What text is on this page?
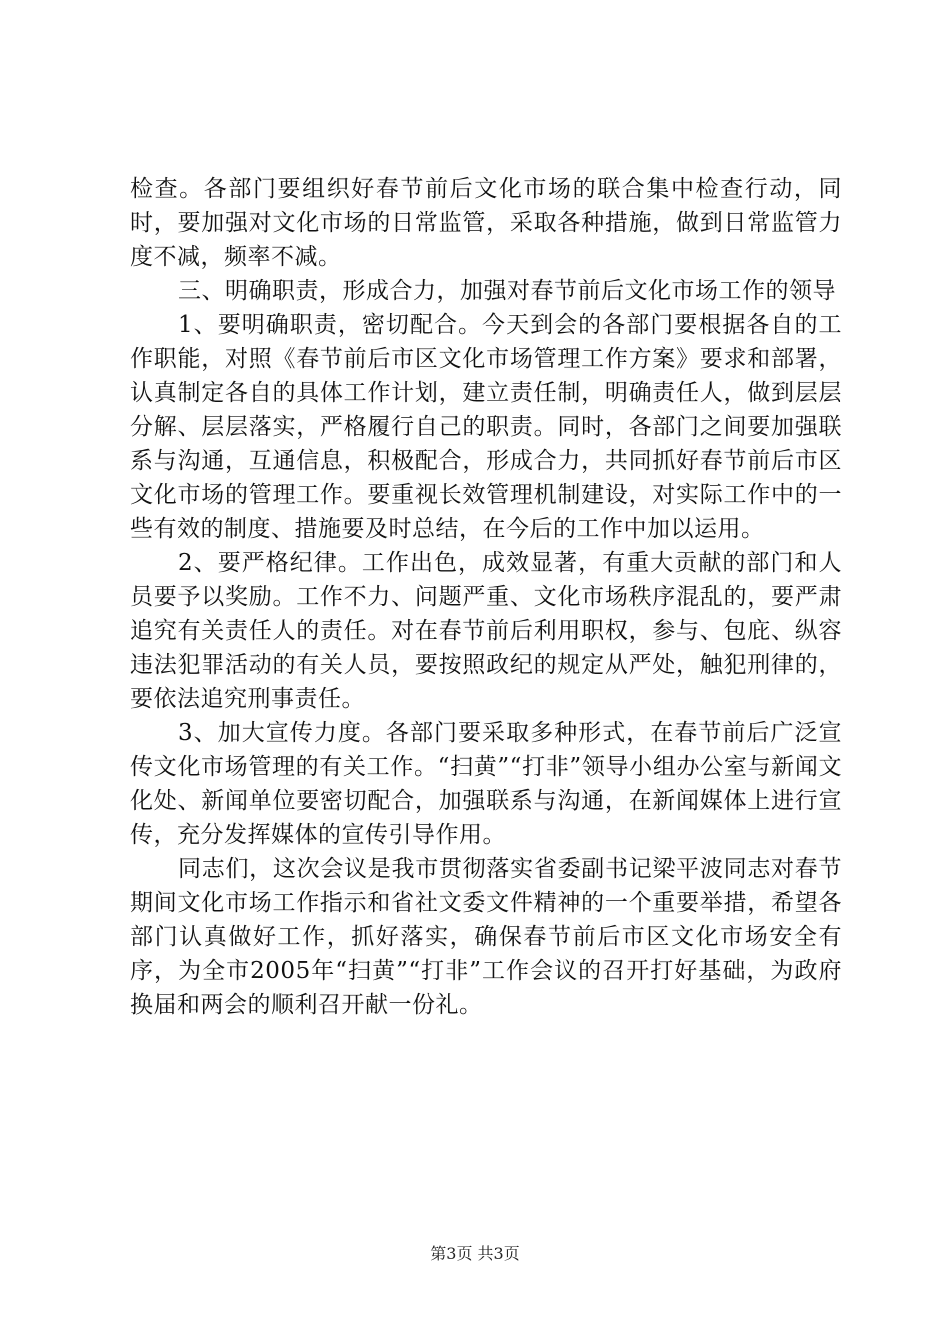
检查。各部门要组织好春节前后文化市场的联合集中检查行动，同时，要加强对文化市场的日常监管，采取各种措施，做到日常监管力度不减，频率不减。

三、明确职责，形成合力，加强对春节前后文化市场工作的领导

1、要明确职责，密切配合。今天到会的各部门要根据各自的工作职能，对照《春节前后市区文化市场管理工作方案》要求和部署，认真制定各自的具体工作计划，建立责任制，明确责任人，做到层层分解、层层落实，严格履行自己的职责。同时，各部门之间要加强联系与沟通，互通信息，积极配合，形成合力，共同抓好春节前后市区文化市场的管理工作。要重视长效管理机制建设，对实际工作中的一些有效的制度、措施要及时总结，在今后的工作中加以运用。

2、要严格纪律。工作出色，成效显著，有重大贡献的部门和人员要予以奖励。工作不力、问题严重、文化市场秩序混乱的，要严肃追究有关责任人的责任。对在春节前后利用职权，参与、包庇、纵容违法犯罪活动的有关人员，要按照政纪的规定从严处，触犯刑律的，要依法追究刑事责任。

3、加大宣传力度。各部门要采取多种形式，在春节前后广泛宣传文化市场管理的有关工作。“扫黄”“打非”领导小组办公室与新闻文化处、新闻单位要密切配合，加强联系与沟通，在新闻媒体上进行宣传，充分发挥媒体的宣传引导作用。

同志们，这次会议是我市贯彻落实省委副书记梁平波同志对春节期间文化市场工作指示和省社文委文件精神的一个重要举措，希望各部门认真做好工作，抓好落实，确保春节前后市区文化市场安全有序，为全市2005年“扫黄”“打非”工作会议的召开打好基础，为政府换届和两会的顺利召开献一份礼。

第3页 共3页
